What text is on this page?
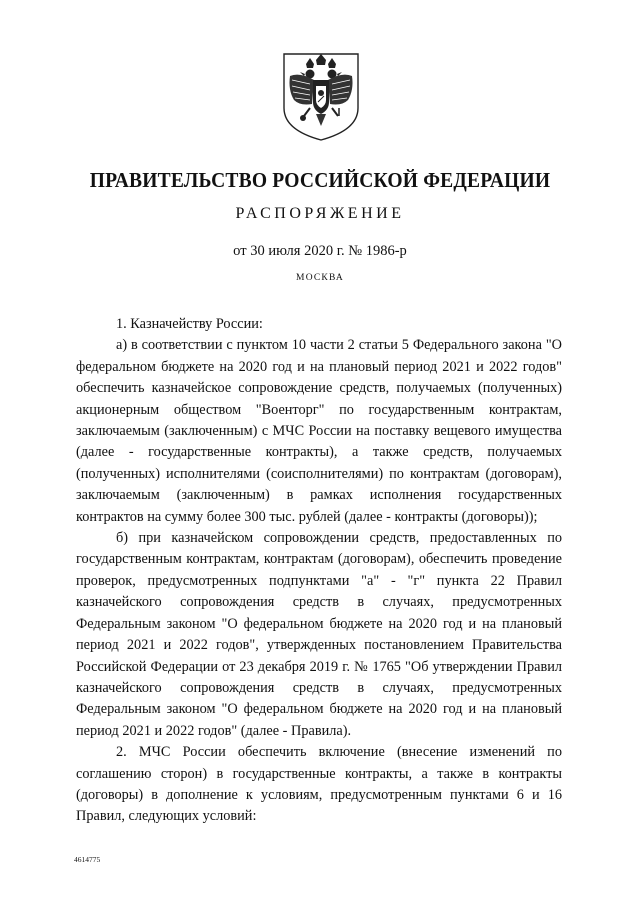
ПРАВИТЕЛЬСТВО РОССИЙСКОЙ ФЕДЕРАЦИИ
РАСПОРЯЖЕНИЕ
от 30 июля 2020 г. № 1986-р
МОСКВА

1. Казначейству России:

а) в соответствии с пунктом 10 части 2 статьи 5 Федерального закона "О федеральном бюджете на 2020 год и на плановый период 2021 и 2022 годов" обеспечить казначейское сопровождение средств, получаемых (полученных) акционерным обществом "Военторг" по государственным контрактам, заключаемым (заключенным) с МЧС России на поставку вещевого имущества (далее - государственные контракты), а также средств, получаемых (полученных) исполнителями (соисполнителями) по контрактам (договорам), заключаемым (заключенным) в рамках исполнения государственных контрактов на сумму более 300 тыс. рублей (далее - контракты (договоры));

б) при казначейском сопровождении средств, предоставленных по государственным контрактам, контрактам (договорам), обеспечить проведение проверок, предусмотренных подпунктами "а" - "г" пункта 22 Правил казначейского сопровождения средств в случаях, предусмотренных Федеральным законом "О федеральном бюджете на 2020 год и на плановый период 2021 и 2022 годов", утвержденных постановлением Правительства Российской Федерации от 23 декабря 2019 г. № 1765 "Об утверждении Правил казначейского сопровождения средств в случаях, предусмотренных Федеральным законом "О федеральном бюджете на 2020 год и на плановый период 2021 и 2022 годов" (далее - Правила).

2. МЧС России обеспечить включение (внесение изменений по соглашению сторон) в государственные контракты, а также в контракты (договоры) в дополнение к условиям, предусмотренным пунктами 6 и 16 Правил, следующих условий:

4614775
